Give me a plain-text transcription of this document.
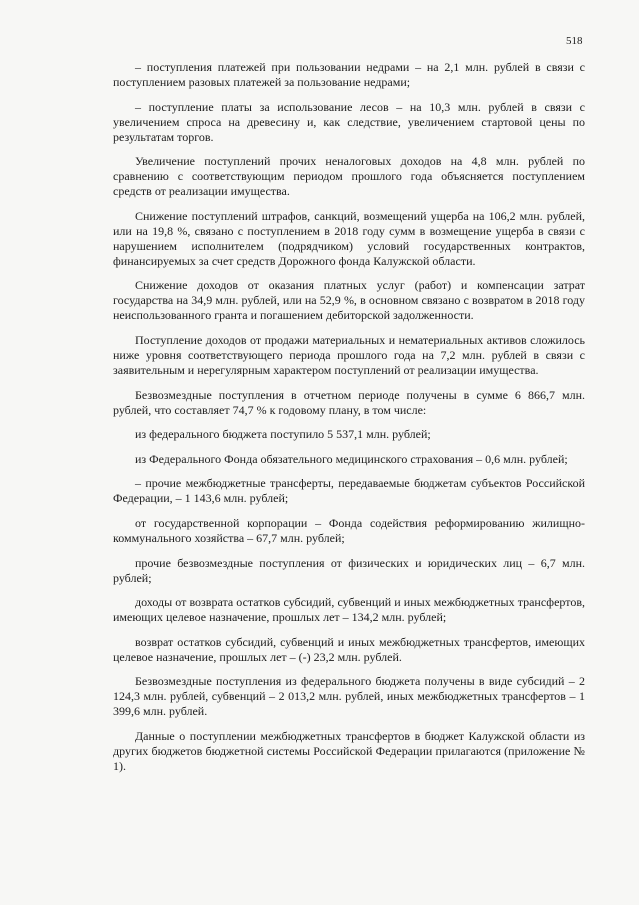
518

– поступления платежей при пользовании недрами – на 2,1 млн. рублей в связи с поступлением разовых платежей за пользование недрами;

– поступление платы за использование лесов – на 10,3 млн. рублей в связи с увеличением спроса на древесину и, как следствие, увеличением стартовой цены по результатам торгов.

Увеличение поступлений прочих неналоговых доходов на 4,8 млн. рублей по сравнению с соответствующим периодом прошлого года объясняется поступлением средств от реализации имущества.

Снижение поступлений штрафов, санкций, возмещений ущерба на 106,2 млн. рублей, или на 19,8 %, связано с поступлением в 2018 году сумм в возмещение ущерба в связи с нарушением исполнителем (подрядчиком) условий государственных контрактов, финансируемых за счет средств Дорожного фонда Калужской области.

Снижение доходов от оказания платных услуг (работ) и компенсации затрат государства на 34,9 млн. рублей, или на 52,9 %, в основном связано с возвратом в 2018 году неиспользованного гранта и погашением дебиторской задолженности.

Поступление доходов от продажи материальных и нематериальных активов сложилось ниже уровня соответствующего периода прошлого года на 7,2 млн. рублей в связи с заявительным и нерегулярным характером поступлений от реализации имущества.

Безвозмездные поступления в отчетном периоде получены в сумме 6 866,7 млн. рублей, что составляет 74,7 % к годовому плану, в том числе:

из федерального бюджета поступило 5 537,1 млн. рублей;

из Федерального Фонда обязательного медицинского страхования – 0,6 млн. рублей;

– прочие межбюджетные трансферты, передаваемые бюджетам субъектов Российской Федерации, – 1 143,6 млн. рублей;

от государственной корпорации – Фонда содействия реформированию жилищно-коммунального хозяйства – 67,7 млн. рублей;

прочие безвозмездные поступления от физических и юридических лиц – 6,7 млн. рублей;

доходы от возврата остатков субсидий, субвенций и иных межбюджетных трансфертов, имеющих целевое назначение, прошлых лет – 134,2 млн. рублей;

возврат остатков субсидий, субвенций и иных межбюджетных трансфертов, имеющих целевое назначение, прошлых лет – (-) 23,2 млн. рублей.

Безвозмездные поступления из федерального бюджета получены в виде субсидий – 2 124,3 млн. рублей, субвенций – 2 013,2 млн. рублей, иных межбюджетных трансфертов – 1 399,6 млн. рублей.

Данные о поступлении межбюджетных трансфертов в бюджет Калужской области из других бюджетов бюджетной системы Российской Федерации прилагаются (приложение № 1).
